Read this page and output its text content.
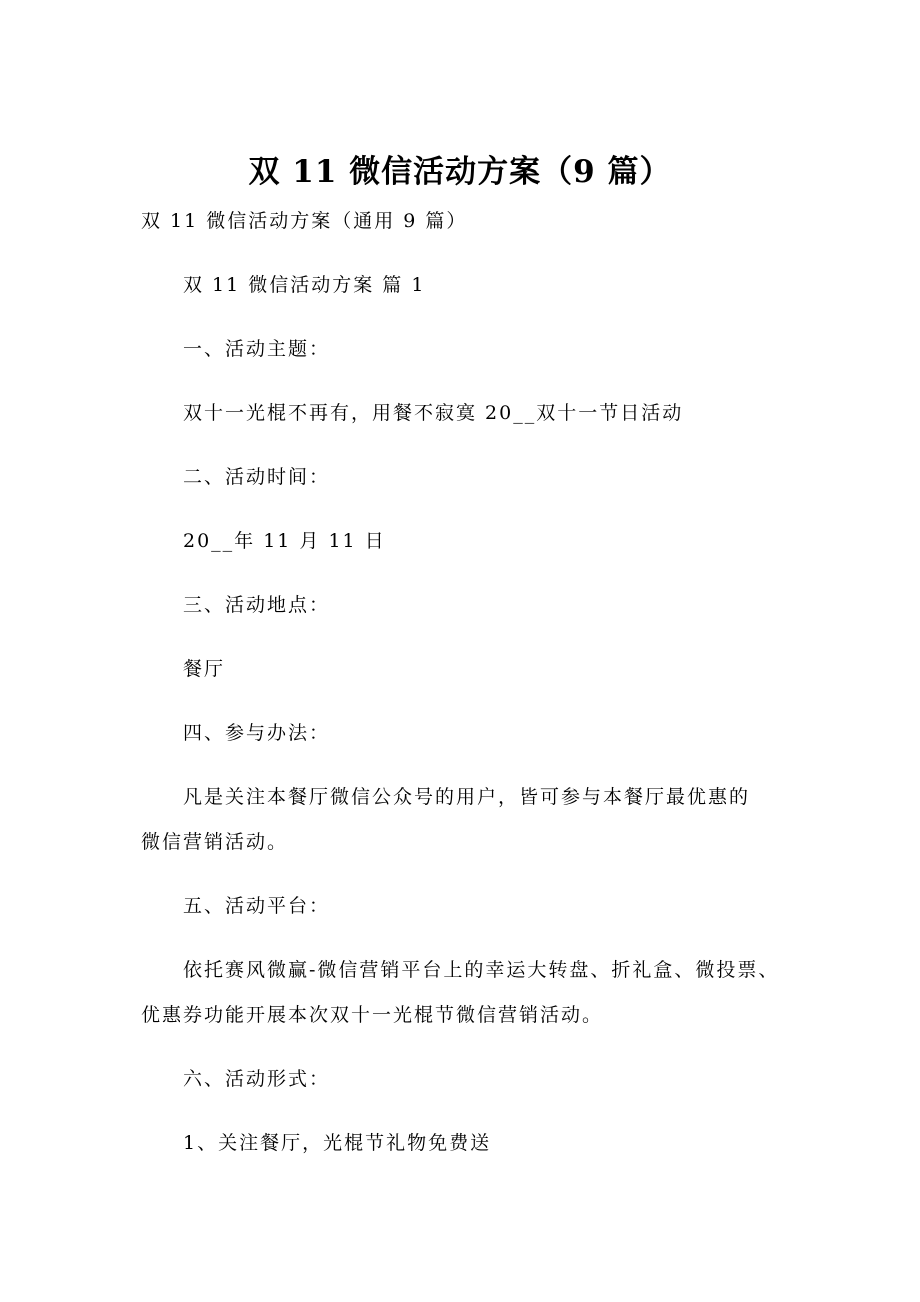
双 11 微信活动方案（9 篇）
双 11 微信活动方案（通用 9 篇）
双 11 微信活动方案 篇 1
一、活动主题：
双十一光棍不再有，用餐不寂寞 20__双十一节日活动
二、活动时间：
20__年 11 月 11 日
三、活动地点：
餐厅
四、参与办法：
凡是关注本餐厅微信公众号的用户，皆可参与本餐厅最优惠的
微信营销活动。
五、活动平台：
依托赛风微赢-微信营销平台上的幸运大转盘、折礼盒、微投票、
优惠券功能开展本次双十一光棍节微信营销活动。
六、活动形式：
1、关注餐厅，光棍节礼物免费送
